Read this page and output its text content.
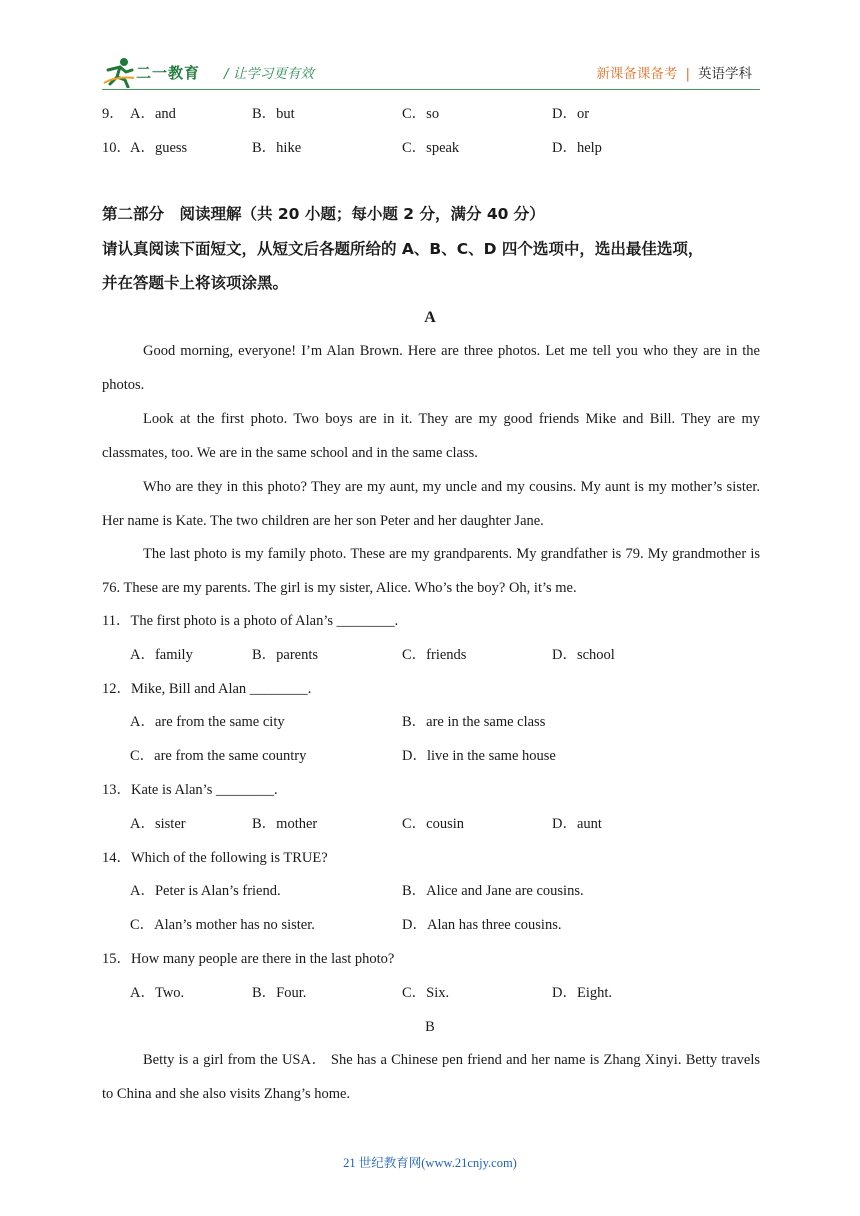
二一教育 / 让学习更有效	新课备课备考 | 英语学科
9． A．and	B．but	C．so	D．or
10． A．guess	B．hike	C．speak	D．help
第二部分　阅读理解（共 20 小题；每小题 2 分，满分 40 分）
请认真阅读下面短文，从短文后各题所给的 A、B、C、D 四个选项中，选出最佳选项，
并在答题卡上将该项涂黑。
A
Good morning, everyone! I’m Alan Brown. Here are three photos. Let me tell you who they are in the photos.
Look at the first photo. Two boys are in it. They are my good friends Mike and Bill. They are my classmates, too. We are in the same school and in the same class.
Who are they in this photo? They are my aunt, my uncle and my cousins. My aunt is my mother’s sister. Her name is Kate. The two children are her son Peter and her daughter Jane.
The last photo is my family photo. These are my grandparents. My grandfather is 79. My grandmother is 76. These are my parents. The girl is my sister, Alice. Who’s the boy? Oh, it’s me.
11．The first photo is a photo of Alan’s ________.
A．family	B．parents	C．friends	D．school
12．Mike, Bill and Alan ________.
A．are from the same city	B．are in the same class
C．are from the same country	D．live in the same house
13．Kate is Alan’s ________.
A．sister	B．mother	C．cousin	D．aunt
14．Which of the following is TRUE?
A．Peter is Alan’s friend.	B．Alice and Jane are cousins.
C．Alan’s mother has no sister.	D．Alan has three cousins.
15．How many people are there in the last photo?
A．Two.	B．Four.	C．Six.	D．Eight.
B
Betty is a girl from the USA． She has a Chinese pen friend and her name is Zhang Xinyi. Betty travels to China and she also visits Zhang’s home.
21 世纪教育网(www.21cnjy.com)
